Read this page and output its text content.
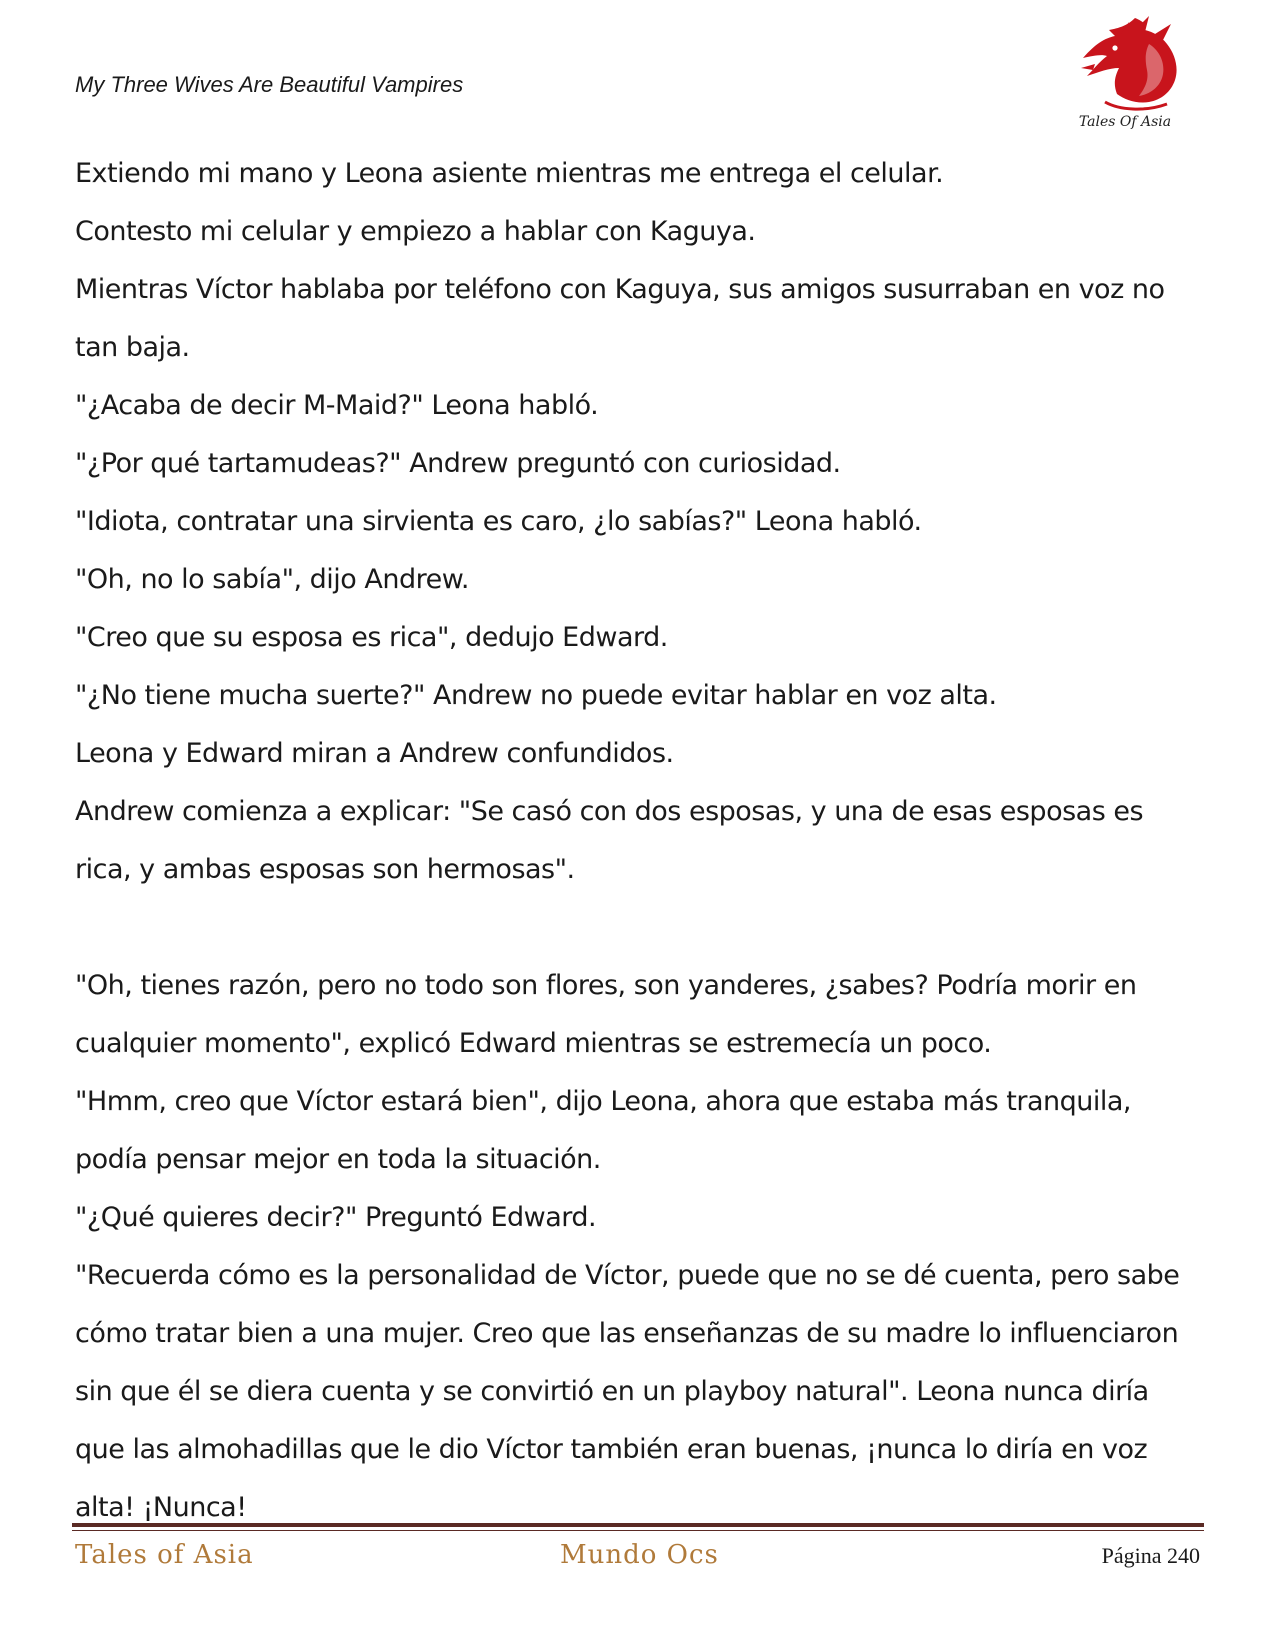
My Three Wives Are Beautiful Vampires
Tales Of Asia

Extiendo mi mano y Leona asiente mientras me entrega el celular.

Contesto mi celular y empiezo a hablar con Kaguya.

Mientras Víctor hablaba por teléfono con Kaguya, sus amigos susurraban en voz no tan baja.

"¿Acaba de decir M-Maid?" Leona habló.

"¿Por qué tartamudeas?" Andrew preguntó con curiosidad.

"Idiota, contratar una sirvienta es caro, ¿lo sabías?" Leona habló.

"Oh, no lo sabía", dijo Andrew.

"Creo que su esposa es rica", dedujo Edward.

"¿No tiene mucha suerte?" Andrew no puede evitar hablar en voz alta.

Leona y Edward miran a Andrew confundidos.

Andrew comienza a explicar: "Se casó con dos esposas, y una de esas esposas es rica, y ambas esposas son hermosas".

"Oh, tienes razón, pero no todo son flores, son yanderes, ¿sabes? Podría morir en cualquier momento", explicó Edward mientras se estremecía un poco.

"Hmm, creo que Víctor estará bien", dijo Leona, ahora que estaba más tranquila, podía pensar mejor en toda la situación.

"¿Qué quieres decir?" Preguntó Edward.

"Recuerda cómo es la personalidad de Víctor, puede que no se dé cuenta, pero sabe cómo tratar bien a una mujer. Creo que las enseñanzas de su madre lo influenciaron sin que él se diera cuenta y se convirtió en un playboy natural". Leona nunca diría que las almohadillas que le dio Víctor también eran buenas, ¡nunca lo diría en voz alta! ¡Nunca!

Tales of Asia	Mundo Ocs	Página 240
